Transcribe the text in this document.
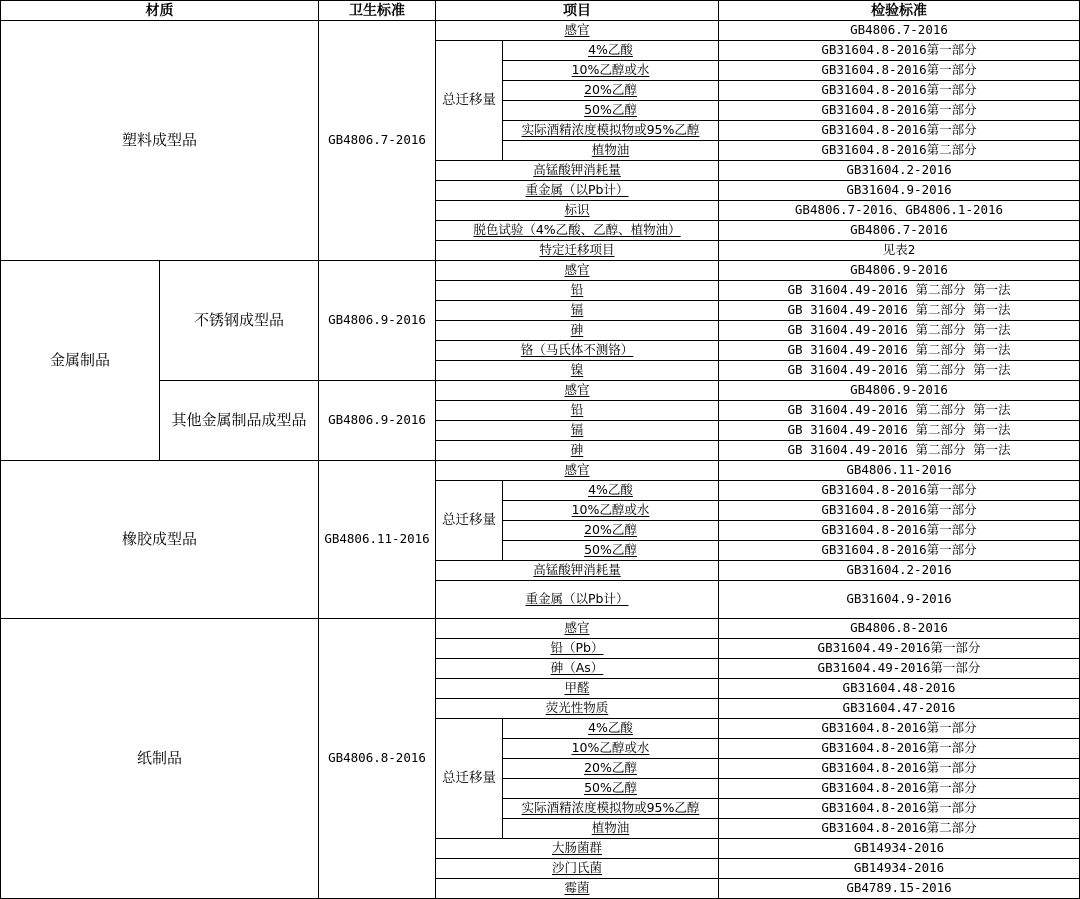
材质		卫生标准	项目		检验标准
塑料成型品		GB4806.7-2016	感官		GB4806.7-2016
			总迁移量	4%乙酸	GB31604.8-2016第一部分
				10%乙醇或水	GB31604.8-2016第一部分
				20%乙醇	GB31604.8-2016第一部分
				50%乙醇	GB31604.8-2016第一部分
				实际酒精浓度模拟物或95%乙醇	GB31604.8-2016第一部分
				植物油	GB31604.8-2016第二部分
			高锰酸钾消耗量		GB31604.2-2016
			重金属（以Pb计）		GB31604.9-2016
			标识		GB4806.7-2016、GB4806.1-2016
			脱色试验（4%乙酸、乙醇、植物油）		GB4806.7-2016
			特定迁移项目		见表2
金属制品	不锈钢成型品	GB4806.9-2016	感官		GB4806.9-2016
			铅		GB 31604.49-2016 第二部分 第一法
			镉		GB 31604.49-2016 第二部分 第一法
			砷		GB 31604.49-2016 第二部分 第一法
			铬（马氏体不测铬）		GB 31604.49-2016 第二部分 第一法
			镍		GB 31604.49-2016 第二部分 第一法
	其他金属制品成型品	GB4806.9-2016	感官		GB4806.9-2016
			铅		GB 31604.49-2016 第二部分 第一法
			镉		GB 31604.49-2016 第二部分 第一法
			砷		GB 31604.49-2016 第二部分 第一法
橡胶成型品		GB4806.11-2016	感官		GB4806.11-2016
			总迁移量	4%乙酸	GB31604.8-2016第一部分
				10%乙醇或水	GB31604.8-2016第一部分
				20%乙醇	GB31604.8-2016第一部分
				50%乙醇	GB31604.8-2016第一部分
			高锰酸钾消耗量		GB31604.2-2016
			重金属（以Pb计）		GB31604.9-2016
纸制品		GB4806.8-2016	感官		GB4806.8-2016
			铅（Pb）		GB31604.49-2016第一部分
			砷（As）		GB31604.49-2016第一部分
			甲醛		GB31604.48-2016
			荧光性物质		GB31604.47-2016
			总迁移量	4%乙酸	GB31604.8-2016第一部分
				10%乙醇或水	GB31604.8-2016第一部分
				20%乙醇	GB31604.8-2016第一部分
				50%乙醇	GB31604.8-2016第一部分
				实际酒精浓度模拟物或95%乙醇	GB31604.8-2016第一部分
				植物油	GB31604.8-2016第二部分
			大肠菌群		GB14934-2016
			沙门氏菌		GB14934-2016
			霉菌		GB4789.15-2016
